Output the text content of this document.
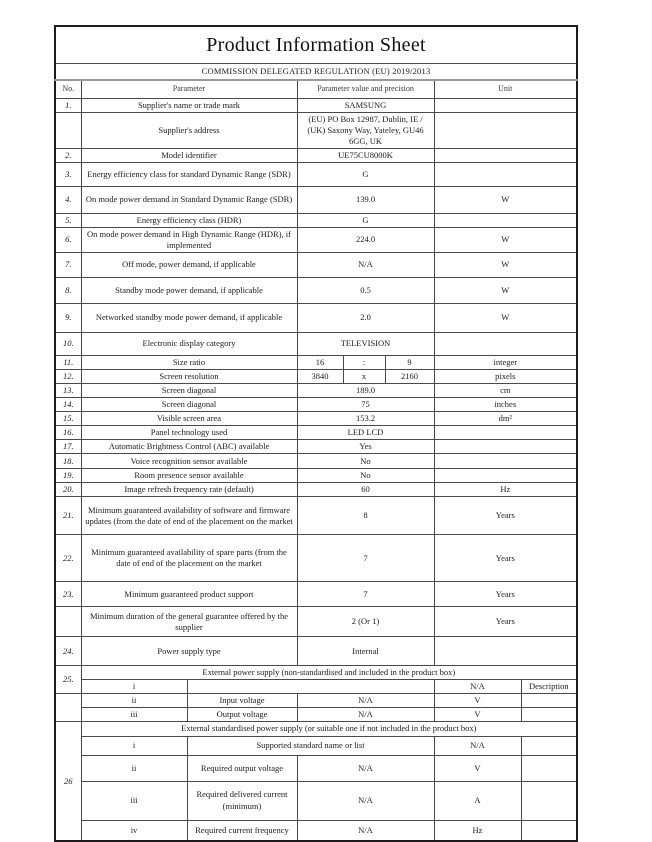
Product Information Sheet							
COMMISSION DELEGATED REGULATION (EU) 2019/2013							
No.	Parameter		Parameter value and precision			Unit	
1.	Supplier's name or trade mark		SAMSUNG				
	Supplier's address		(EU) PO Box 12987, Dublin, IE / (UK) Saxony Way, Yateley, GU46 6GG, UK				
2.	Model identifier		UE75CU8000K				
3.	Energy efficiency class for standard Dynamic Range (SDR)		G				
4.	On mode power demand in Standard Dynamic Range (SDR)		139.0			W	
5.	Energy efficiency class (HDR)		G				
6.	On mode power demand in High Dynamic Range (HDR), if implemented		224.0			W	
7.	Off mode, power demand, if applicable		N/A			W	
8.	Standby mode power demand, if applicable		0.5			W	
9.	Networked standby mode power demand, if applicable		2.0			W	
10.	Electronic display category		TELEVISION				
11.	Size ratio		16	:	9	integer	
12.	Screen resolution		3840	x	2160	pixels	
13.	Screen diagonal		189.0			cm	
14.	Screen diagonal		75			inches	
15.	Visible screen area		153.2			dm²	
16.	Panel technology used		LED LCD				
17.	Automatic Brightness Control (ABC) available		Yes				
18.	Voice recognition sensor available		No				
19.	Room presence sensor available		No				
20.	Image refresh frequency rate (default)		60			Hz	
21.	Minimum guaranteed availability of software and firmware updates (from the date of end of the placement on the market		8			Years	
22.	Minimum guaranteed availability of spare parts (from the date of end of the placement on the market		7			Years	
23.	Minimum guaranteed product support		7			Years	
	Minimum duration of the general guarantee offered by the supplier		2 (Or 1)			Years	
24.	Power supply type		Internal				
25.	External power supply (non-standardised and included in the product box)						
	i					N/A	Description
	ii	Input voltage	N/A			V	
	iii	Output voltage	N/A			V	
26	External standardised power supply (or suitable one if not included in the product box)						
	i	Supported standard name or list				N/A	
	ii	Required output voltage	N/A			V	
	iii	Required delivered current (minimum)	N/A			A	
	iv	Required current frequency	N/A			Hz	
